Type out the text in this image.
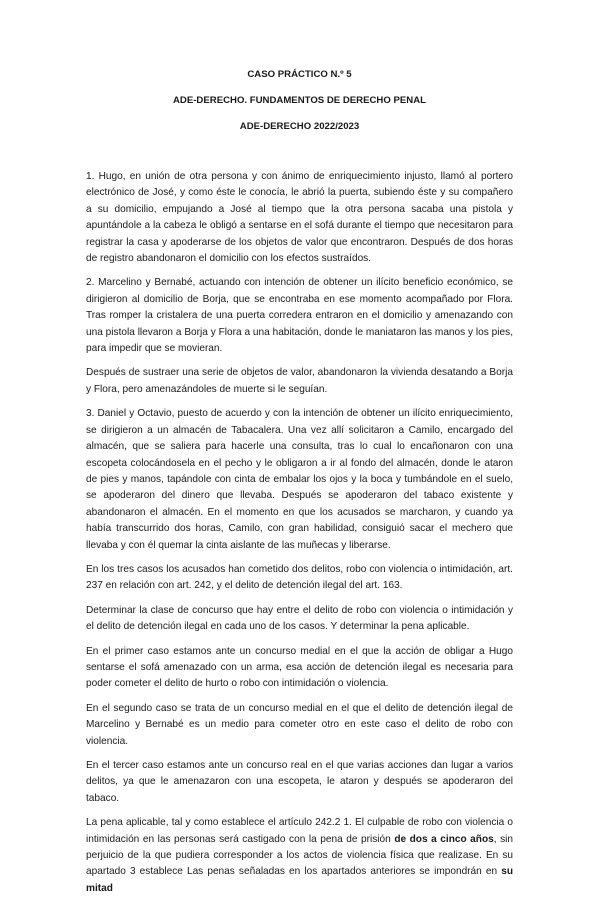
CASO PRÁCTICO N.º 5
ADE-DERECHO. FUNDAMENTOS DE DERECHO PENAL
ADE-DERECHO 2022/2023

1. Hugo, en unión de otra persona y con ánimo de enriquecimiento injusto, llamó al portero electrónico de José, y como éste le conocía, le abrió la puerta, subiendo éste y su compañero a su domicilio, empujando a José al tiempo que la otra persona sacaba una pistola y apuntándole a la cabeza le obligó a sentarse en el sofá durante el tiempo que necesitaron para registrar la casa y apoderarse de los objetos de valor que encontraron. Después de dos horas de registro abandonaron el domicilio con los efectos sustraídos.

2. Marcelino y Bernabé, actuando con intención de obtener un ilícito beneficio económico, se dirigieron al domicilio de Borja, que se encontraba en ese momento acompañado por Flora. Tras romper la cristalera de una puerta corredera entraron en el domicilio y amenazando con una pistola llevaron a Borja y Flora a una habitación, donde le maniataron las manos y los pies, para impedir que se movieran.

Después de sustraer una serie de objetos de valor, abandonaron la vivienda desatando a Borja y Flora, pero amenazándoles de muerte si le seguían.

3. Daniel y Octavio, puesto de acuerdo y con la intención de obtener un ilícito enriquecimiento, se dirigieron a un almacén de Tabacalera. Una vez allí solicitaron a Camilo, encargado del almacén, que se saliera para hacerle una consulta, tras lo cual lo encañonaron con una escopeta colocándosela en el pecho y le obligaron a ir al fondo del almacén, donde le ataron de pies y manos, tapándole con cinta de embalar los ojos y la boca y tumbándole en el suelo, se apoderaron del dinero que llevaba. Después se apoderaron del tabaco existente y abandonaron el almacén. En el momento en que los acusados se marcharon, y cuando ya había transcurrido dos horas, Camilo, con gran habilidad, consiguió sacar el mechero que llevaba y con él quemar la cinta aislante de las muñecas y liberarse.

En los tres casos los acusados han cometido dos delitos, robo con violencia o intimidación, art. 237 en relación con art. 242, y el delito de detención ilegal del art. 163.

Determinar la clase de concurso que hay entre el delito de robo con violencia o intimidación y el delito de detención ilegal en cada uno de los casos. Y determinar la pena aplicable.

En el primer caso estamos ante un concurso medial en el que la acción de obligar a Hugo sentarse el sofá amenazado con un arma, esa acción de detención ilegal es necesaria para poder cometer el delito de hurto o robo con intimidación o violencia.

En el segundo caso se trata de un concurso medial en el que el delito de detención ilegal de Marcelino y Bernabé es un medio para cometer otro en este caso el delito de robo con violencia.

En el tercer caso estamos ante un concurso real en el que varias acciones dan lugar a varios delitos, ya que le amenazaron con una escopeta, le ataron y después se apoderaron del tabaco.

La pena aplicable, tal y como establece el artículo 242.2 1. El culpable de robo con violencia o intimidación en las personas será castigado con la pena de prisión de dos a cinco años, sin perjuicio de la que pudiera corresponder a los actos de violencia física que realizase. En su apartado 3 establece Las penas señaladas en los apartados anteriores se impondrán en su mitad
